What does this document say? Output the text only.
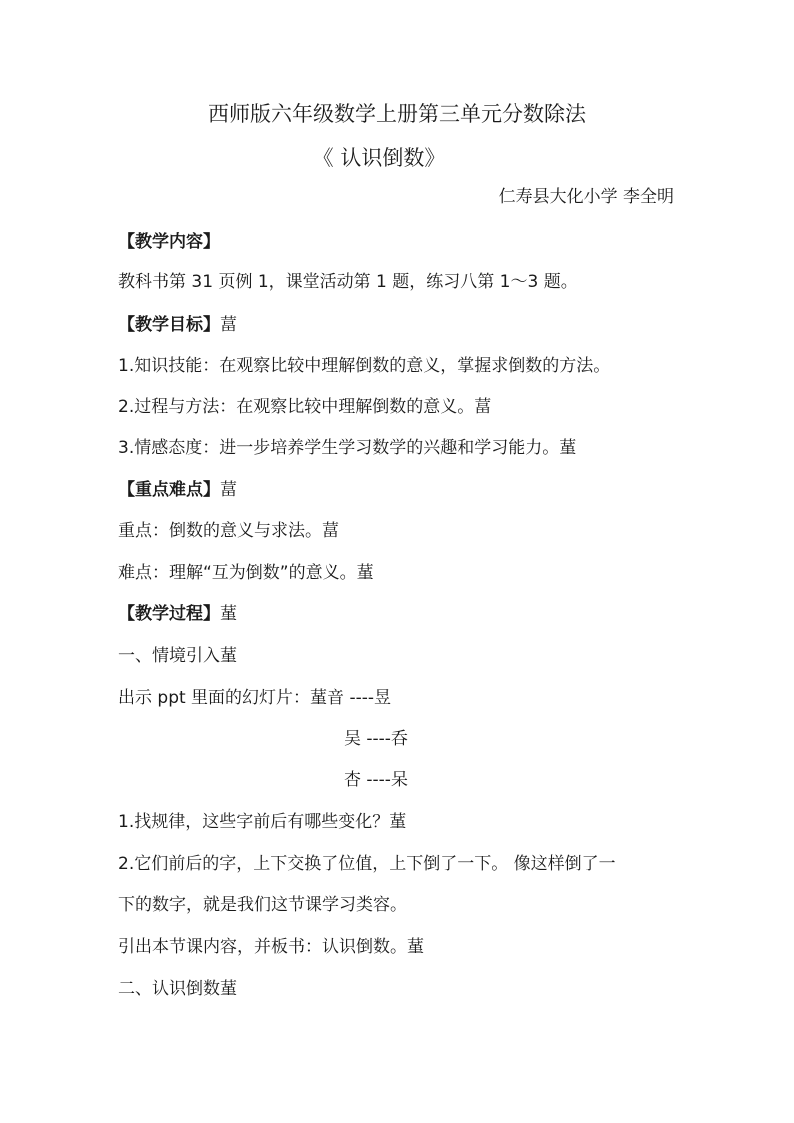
西师版六年级数学上册第三单元分数除法
《 认识倒数》
仁寿县大化小学 李全明
【教学内容】
教科书第 31 页例 1，课堂活动第 1 题，练习八第 1～3 题。
【教学目标】葍
1.知识技能：在观察比较中理解倒数的意义，掌握求倒数的方法。
2.过程与方法：在观察比较中理解倒数的意义。葍
3.情感态度：进一步培养学生学习数学的兴趣和学习能力。蓳
【重点难点】葍
重点：倒数的意义与求法。葍
难点：理解“互为倒数”的意义。蓳
【教学过程】蓳
一、情境引入蓳
出示 ppt 里面的幻灯片：蓳音 ----昱
吴 ----呑
杏 ----呆
1.找规律，这些字前后有哪些变化？蓳
2.它们前后的字，上下交换了位值，上下倒了一下。 像这样倒了一
下的数字，就是我们这节课学习类容。
引出本节课内容，并板书：认识倒数。蓳
二、认识倒数蓳
